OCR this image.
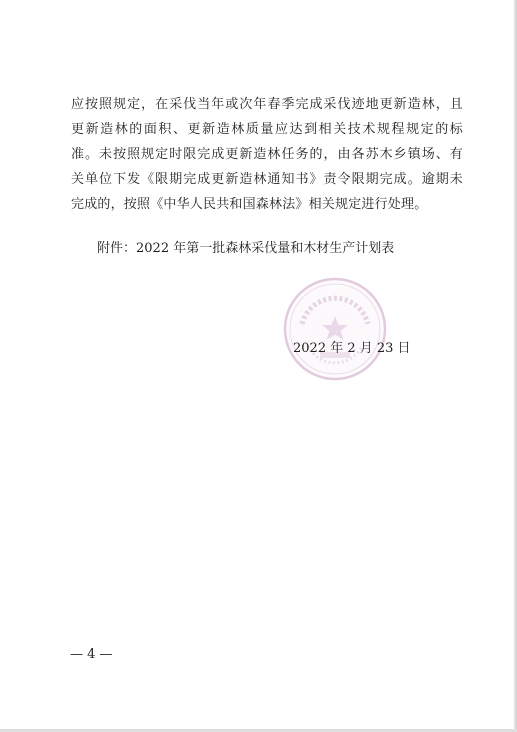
应按照规定，在采伐当年或次年春季完成采伐迹地更新造林，且
更新造林的面积、更新造林质量应达到相关技术规程规定的标
准。未按照规定时限完成更新造林任务的，由各苏木乡镇场、有
关单位下发《限期完成更新造林通知书》责令限期完成。逾期未
完成的，按照《中华人民共和国森林法》相关规定进行处理。
附件：2022 年第一批森林采伐量和木材生产计划表
2022 年 2 月 23 日
— 4 —
